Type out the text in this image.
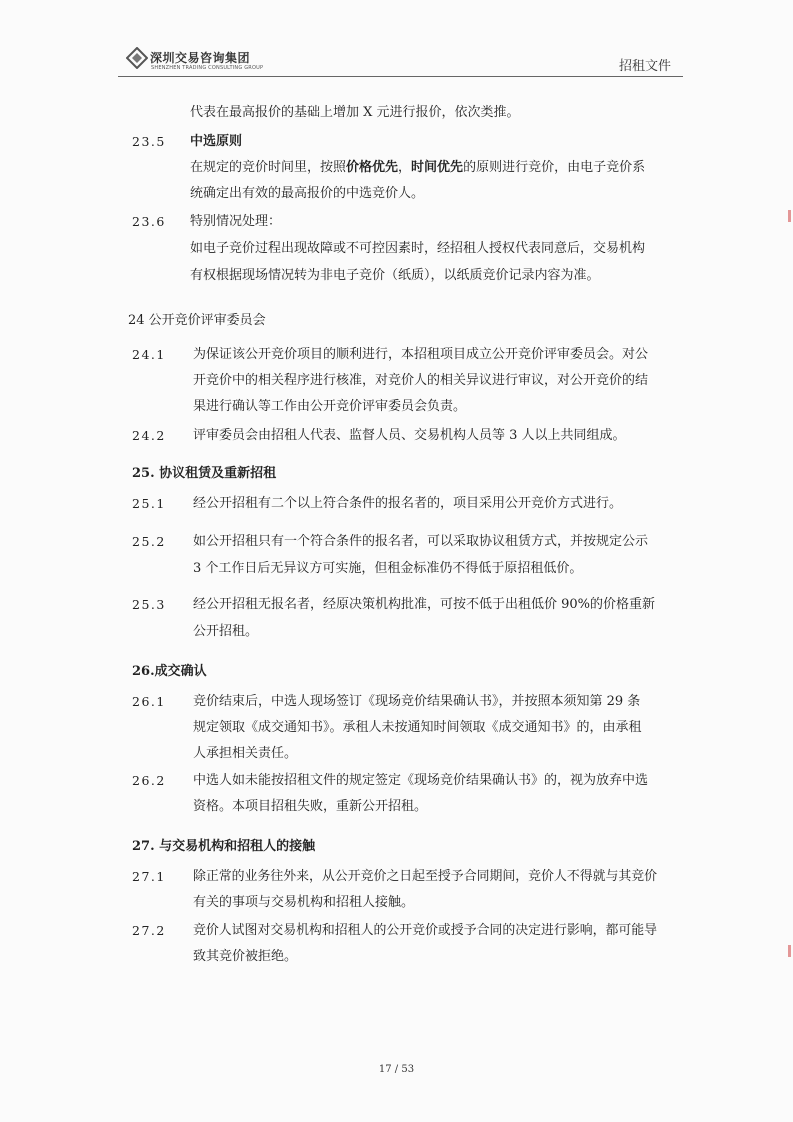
深圳交易咨询集团
SHENZHEN TRADING CONSULTING GROUP	招租文件
代表在最高报价的基础上增加 X 元进行报价，依次类推。
23.5 中选原则
在规定的竞价时间里，按照价格优先，时间优先的原则进行竞价，由电子竞价系
统确定出有效的最高报价的中选竞价人。
23.6 特别情况处理：
如电子竞价过程出现故障或不可控因素时，经招租人授权代表同意后，交易机构
有权根据现场情况转为非电子竞价（纸质），以纸质竞价记录内容为准。
24 公开竞价评审委员会
24.1 为保证该公开竞价项目的顺利进行，本招租项目成立公开竞价评审委员会。对公
开竞价中的相关程序进行核准，对竞价人的相关异议进行审议，对公开竞价的结
果进行确认等工作由公开竞价评审委员会负责。
24.2 评审委员会由招租人代表、监督人员、交易机构人员等 3 人以上共同组成。
25. 协议租赁及重新招租
25.1 经公开招租有二个以上符合条件的报名者的，项目采用公开竞价方式进行。
25.2 如公开招租只有一个符合条件的报名者，可以采取协议租赁方式，并按规定公示
3 个工作日后无异议方可实施，但租金标准仍不得低于原招租低价。
25.3 经公开招租无报名者，经原决策机构批准，可按不低于出租低价 90%的价格重新
公开招租。
26.成交确认
26.1 竞价结束后，中选人现场签订《现场竞价结果确认书》，并按照本须知第 29 条
规定领取《成交通知书》。承租人未按通知时间领取《成交通知书》的，由承租
人承担相关责任。
26.2 中选人如未能按招租文件的规定签定《现场竞价结果确认书》的，视为放弃中选
资格。本项目招租失败，重新公开招租。
27. 与交易机构和招租人的接触
27.1 除正常的业务往外来，从公开竞价之日起至授予合同期间，竞价人不得就与其竞价
有关的事项与交易机构和招租人接触。
27.2 竞价人试图对交易机构和招租人的公开竞价或授予合同的决定进行影响，都可能导
致其竞价被拒绝。
17 / 53
